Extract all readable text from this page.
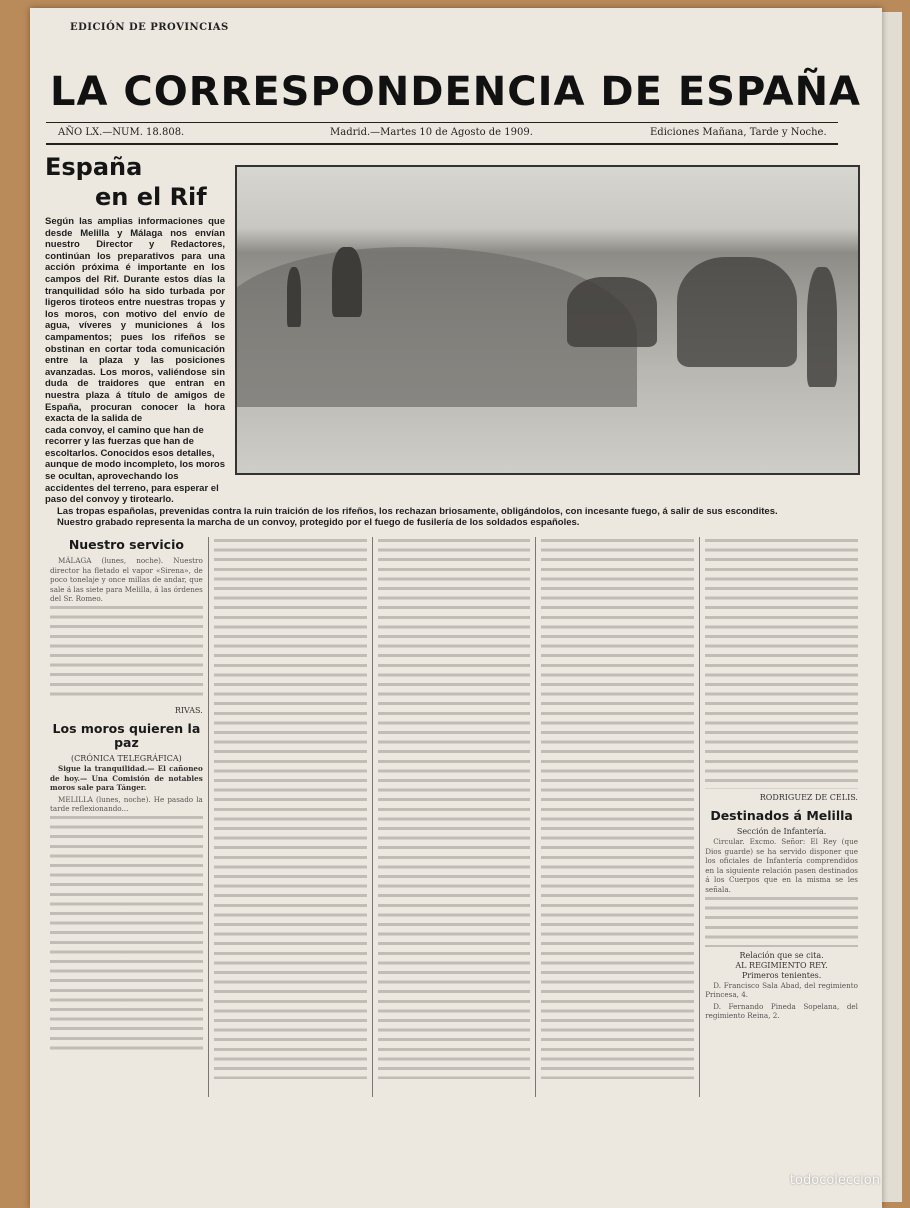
EDICIÓN DE PROVINCIAS
LA CORRESPONDENCIA DE ESPAÑA
AÑO LX.—NUM. 18.808.	Madrid.—Martes 10 de Agosto de 1909.	Ediciones Mañana, Tarde y Noche.
España
en el Rif
Según las amplias informaciones que desde Melilla y Málaga nos envían nuestro Director y Redactores, continúan los preparativos para una acción próxima é importante en los campos del Rif. Durante estos días la tranquilidad sólo ha sido turbada por ligeros tiroteos entre nuestras tropas y los moros, con motivo del envío de agua, víveres y municiones á los campamentos; pues los rifeños se obstinan en cortar toda comunicación entre la plaza y las posiciones avanzadas. Los moros, valiéndose sin duda de traidores que entran en nuestra plaza á título de amigos de España, procuran conocer la hora exacta de la salida de

cada convoy, el camino que han de recorrer y las fuerzas que han de escoltarlos. Conocidos esos detalles, aunque de modo incompleto, los moros se ocultan, aprovechando los accidentes del terreno, para esperar el paso del convoy y tirotearlo.

Las tropas españolas, prevenidas contra la ruin traición de los rifeños, los rechazan briosamente, obligándolos, con incesante fuego, á salir de sus escondites.

Nuestro grabado representa la marcha de un convoy, protegido por el fuego de fusilería de los soldados españoles.

Nuestro servicio

MÁLAGA (lunes, noche). Nuestro director ha fletado el vapor «Sirena», de poco tonelaje y once millas de andar, que sale á las siete para Melilla, á las órdenes del Sr. Romeo.

RIVAS.
Los moros quieren la paz
(CRÓNICA TELEGRÁFICA)

Sigue la tranquilidad.— El cañoneo de hoy.— Una Comisión de notables moros sale para Tánger.

MELILLA (lunes, noche). He pasado la tarde reflexionando...

RODRIGUEZ DE CELIS.
Destinados á Melilla
Sección de Infantería.

Circular. Excmo. Señor: El Rey (que Dios guarde) se ha servido disponer que los oficiales de Infantería comprendidos en la siguiente relación pasen destinados á los Cuerpos que en la misma se les señala.

Relación que se cita.
AL REGIMIENTO REY.
Primeros tenientes.

D. Francisco Sala Abad, del regimiento Princesa, 4.

D. Fernando Pineda Sopelana, del regimiento Reina, 2.

todocoleccion
